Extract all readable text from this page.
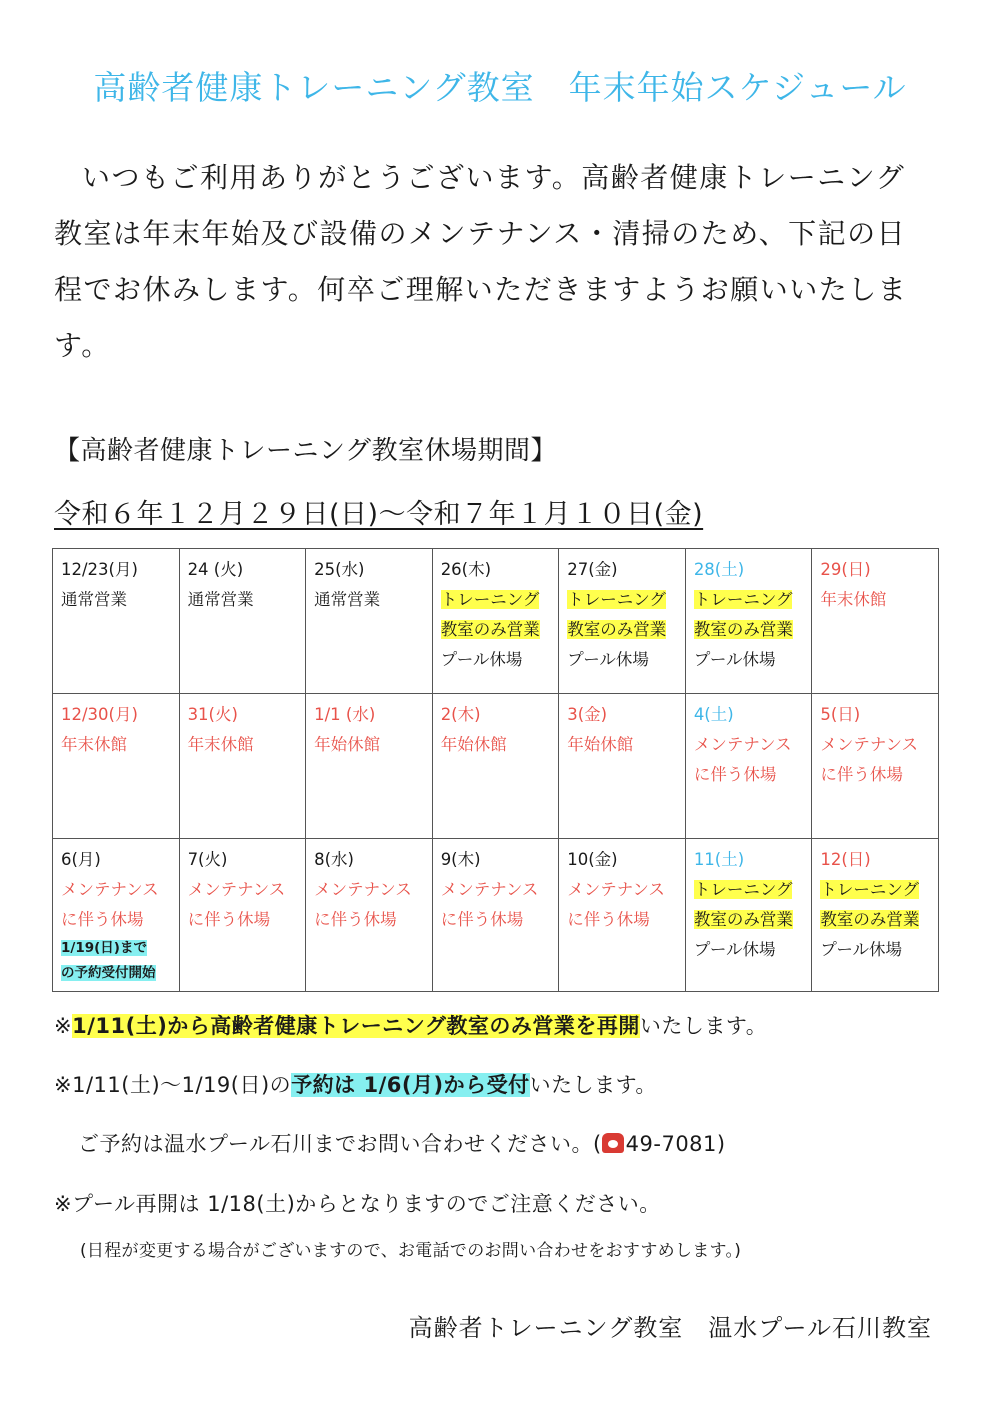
高齢者健康トレーニング教室　年末年始スケジュール

いつもご利用ありがとうございます。高齢者健康トレーニング教室は年末年始及び設備のメンテナンス・清掃のため、下記の日程でお休みします。何卒ご理解いただきますようお願いいたします。

【高齢者健康トレーニング教室休場期間】
令和６年１２月２９日(日)～令和７年１月１０日(金)
12/23(月)
通常営業	24 (火)
通常営業	25(水)
通常営業	26(木)
トレーニング
教室のみ営業
プール休場	27(金)
トレーニング
教室のみ営業
プール休場	28(土)
トレーニング
教室のみ営業
プール休場	29(日)
年末休館

12/30(月)
年末休館	31(火)
年末休館	1/1 (水)
年始休館	2(木)
年始休館	3(金)
年始休館	4(土)
メンテナンス
に伴う休場	5(日)
メンテナンス
に伴う休場

6(月)
メンテナンス
に伴う休場
1/19(日)まで
の予約受付開始	7(火)
メンテナンス
に伴う休場	8(水)
メンテナンス
に伴う休場	9(木)
メンテナンス
に伴う休場	10(金)
メンテナンス
に伴う休場	11(土)
トレーニング
教室のみ営業
プール休場	12(日)
トレーニング
教室のみ営業
プール休場
※1/11(土)から高齢者健康トレーニング教室のみ営業を再開いたします。
※1/11(土)～1/19(日)の予約は 1/6(月)から受付いたします。
ご予約は温水プール石川までお問い合わせください。( 49-7081)
※プール再開は 1/18(土)からとなりますのでご注意ください。
(日程が変更する場合がございますので、お電話でのお問い合わせをおすすめします。)
高齢者トレーニング教室　温水プール石川教室
